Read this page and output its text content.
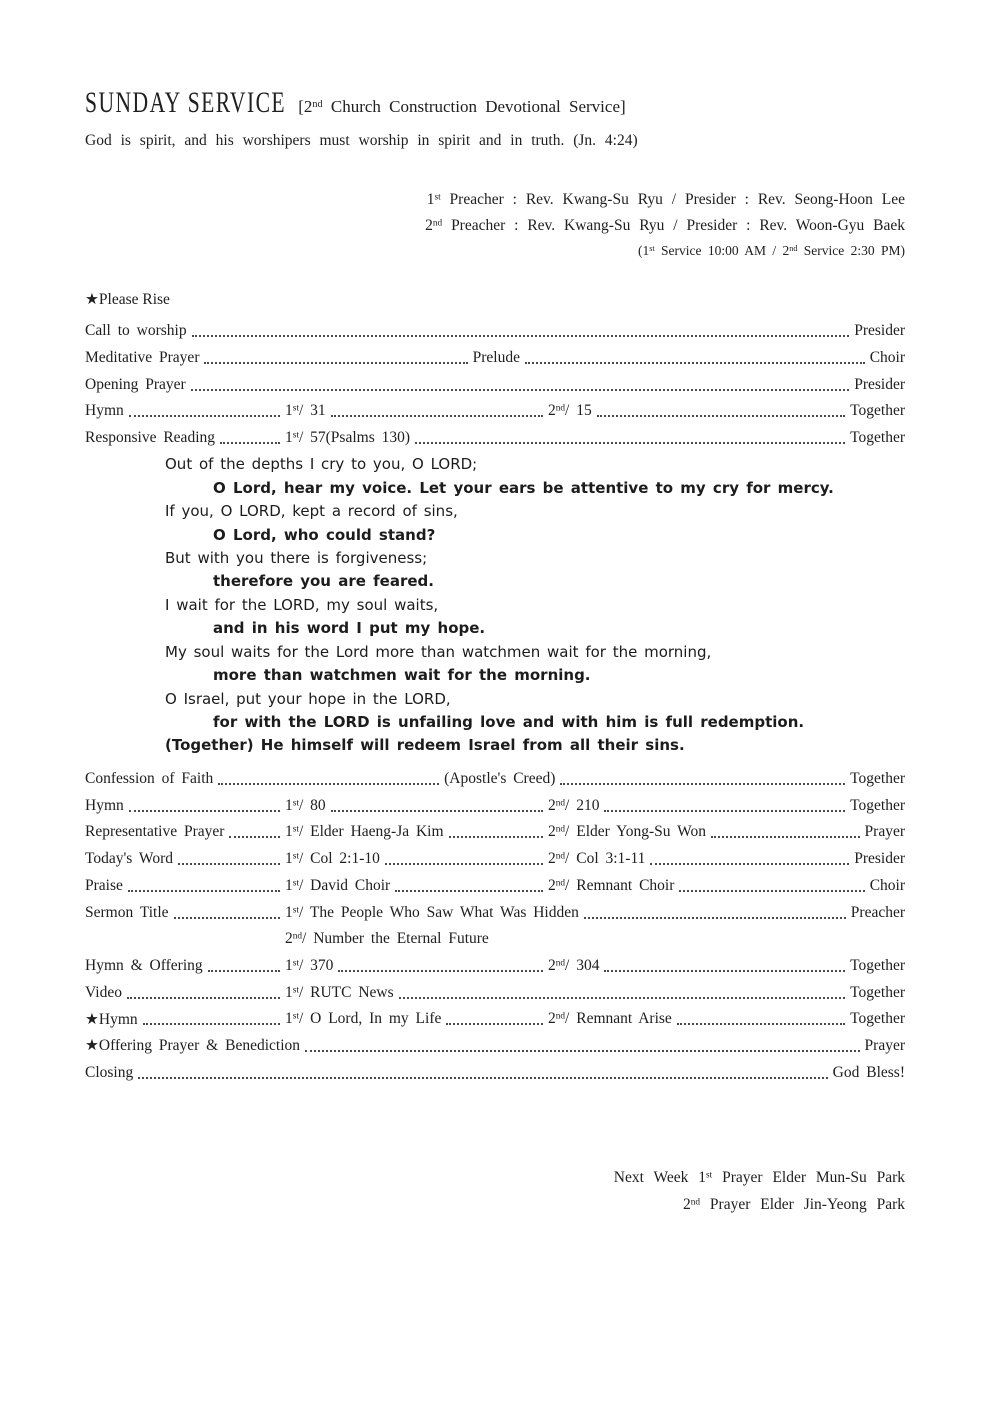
SUNDAY SERVICE [2nd Church Construction Devotional Service]
God is spirit, and his worshipers must worship in spirit and in truth. (Jn. 4:24)
1st Preacher : Rev. Kwang-Su Ryu / Presider : Rev. Seong-Hoon Lee
2nd Preacher : Rev. Kwang-Su Ryu / Presider : Rev. Woon-Gyu Baek
(1st Service 10:00 AM / 2nd Service 2:30 PM)
★Please Rise
Call to worship	Presider
Meditative Prayer	Prelude	Choir
Opening Prayer	Presider
Hymn	1st/ 31	2nd/ 15	Together
Responsive Reading	1st/ 57(Psalms 130)	Together
Out of the depths I cry to you, O LORD;
O Lord, hear my voice. Let your ears be attentive to my cry for mercy.
If you, O LORD, kept a record of sins,
O Lord, who could stand?
But with you there is forgiveness;
therefore you are feared.
I wait for the LORD, my soul waits,
and in his word I put my hope.
My soul waits for the Lord more than watchmen wait for the morning,
more than watchmen wait for the morning.
O Israel, put your hope in the LORD,
for with the LORD is unfailing love and with him is full redemption.
(Together) He himself will redeem Israel from all their sins.
Confession of Faith	(Apostle's Creed)	Together
Hymn	1st/ 80	2nd/ 210	Together
Representative Prayer	1st/ Elder Haeng-Ja Kim	2nd/ Elder Yong-Su Won	Prayer
Today's Word	1st/ Col 2:1-10	2nd/ Col 3:1-11	Presider
Praise	1st/ David Choir	2nd/ Remnant Choir	Choir
Sermon Title	1st/ The People Who Saw What Was Hidden	Preacher
2nd/ Number the Eternal Future
Hymn & Offering	1st/ 370	2nd/ 304	Together
Video	1st/ RUTC News	Together
★Hymn	1st/ O Lord, In my Life	2nd/ Remnant Arise	Together
★Offering Prayer & Benediction	Prayer
Closing	God Bless!
Next Week 1st Prayer Elder Mun-Su Park
2nd Prayer Elder Jin-Yeong Park
